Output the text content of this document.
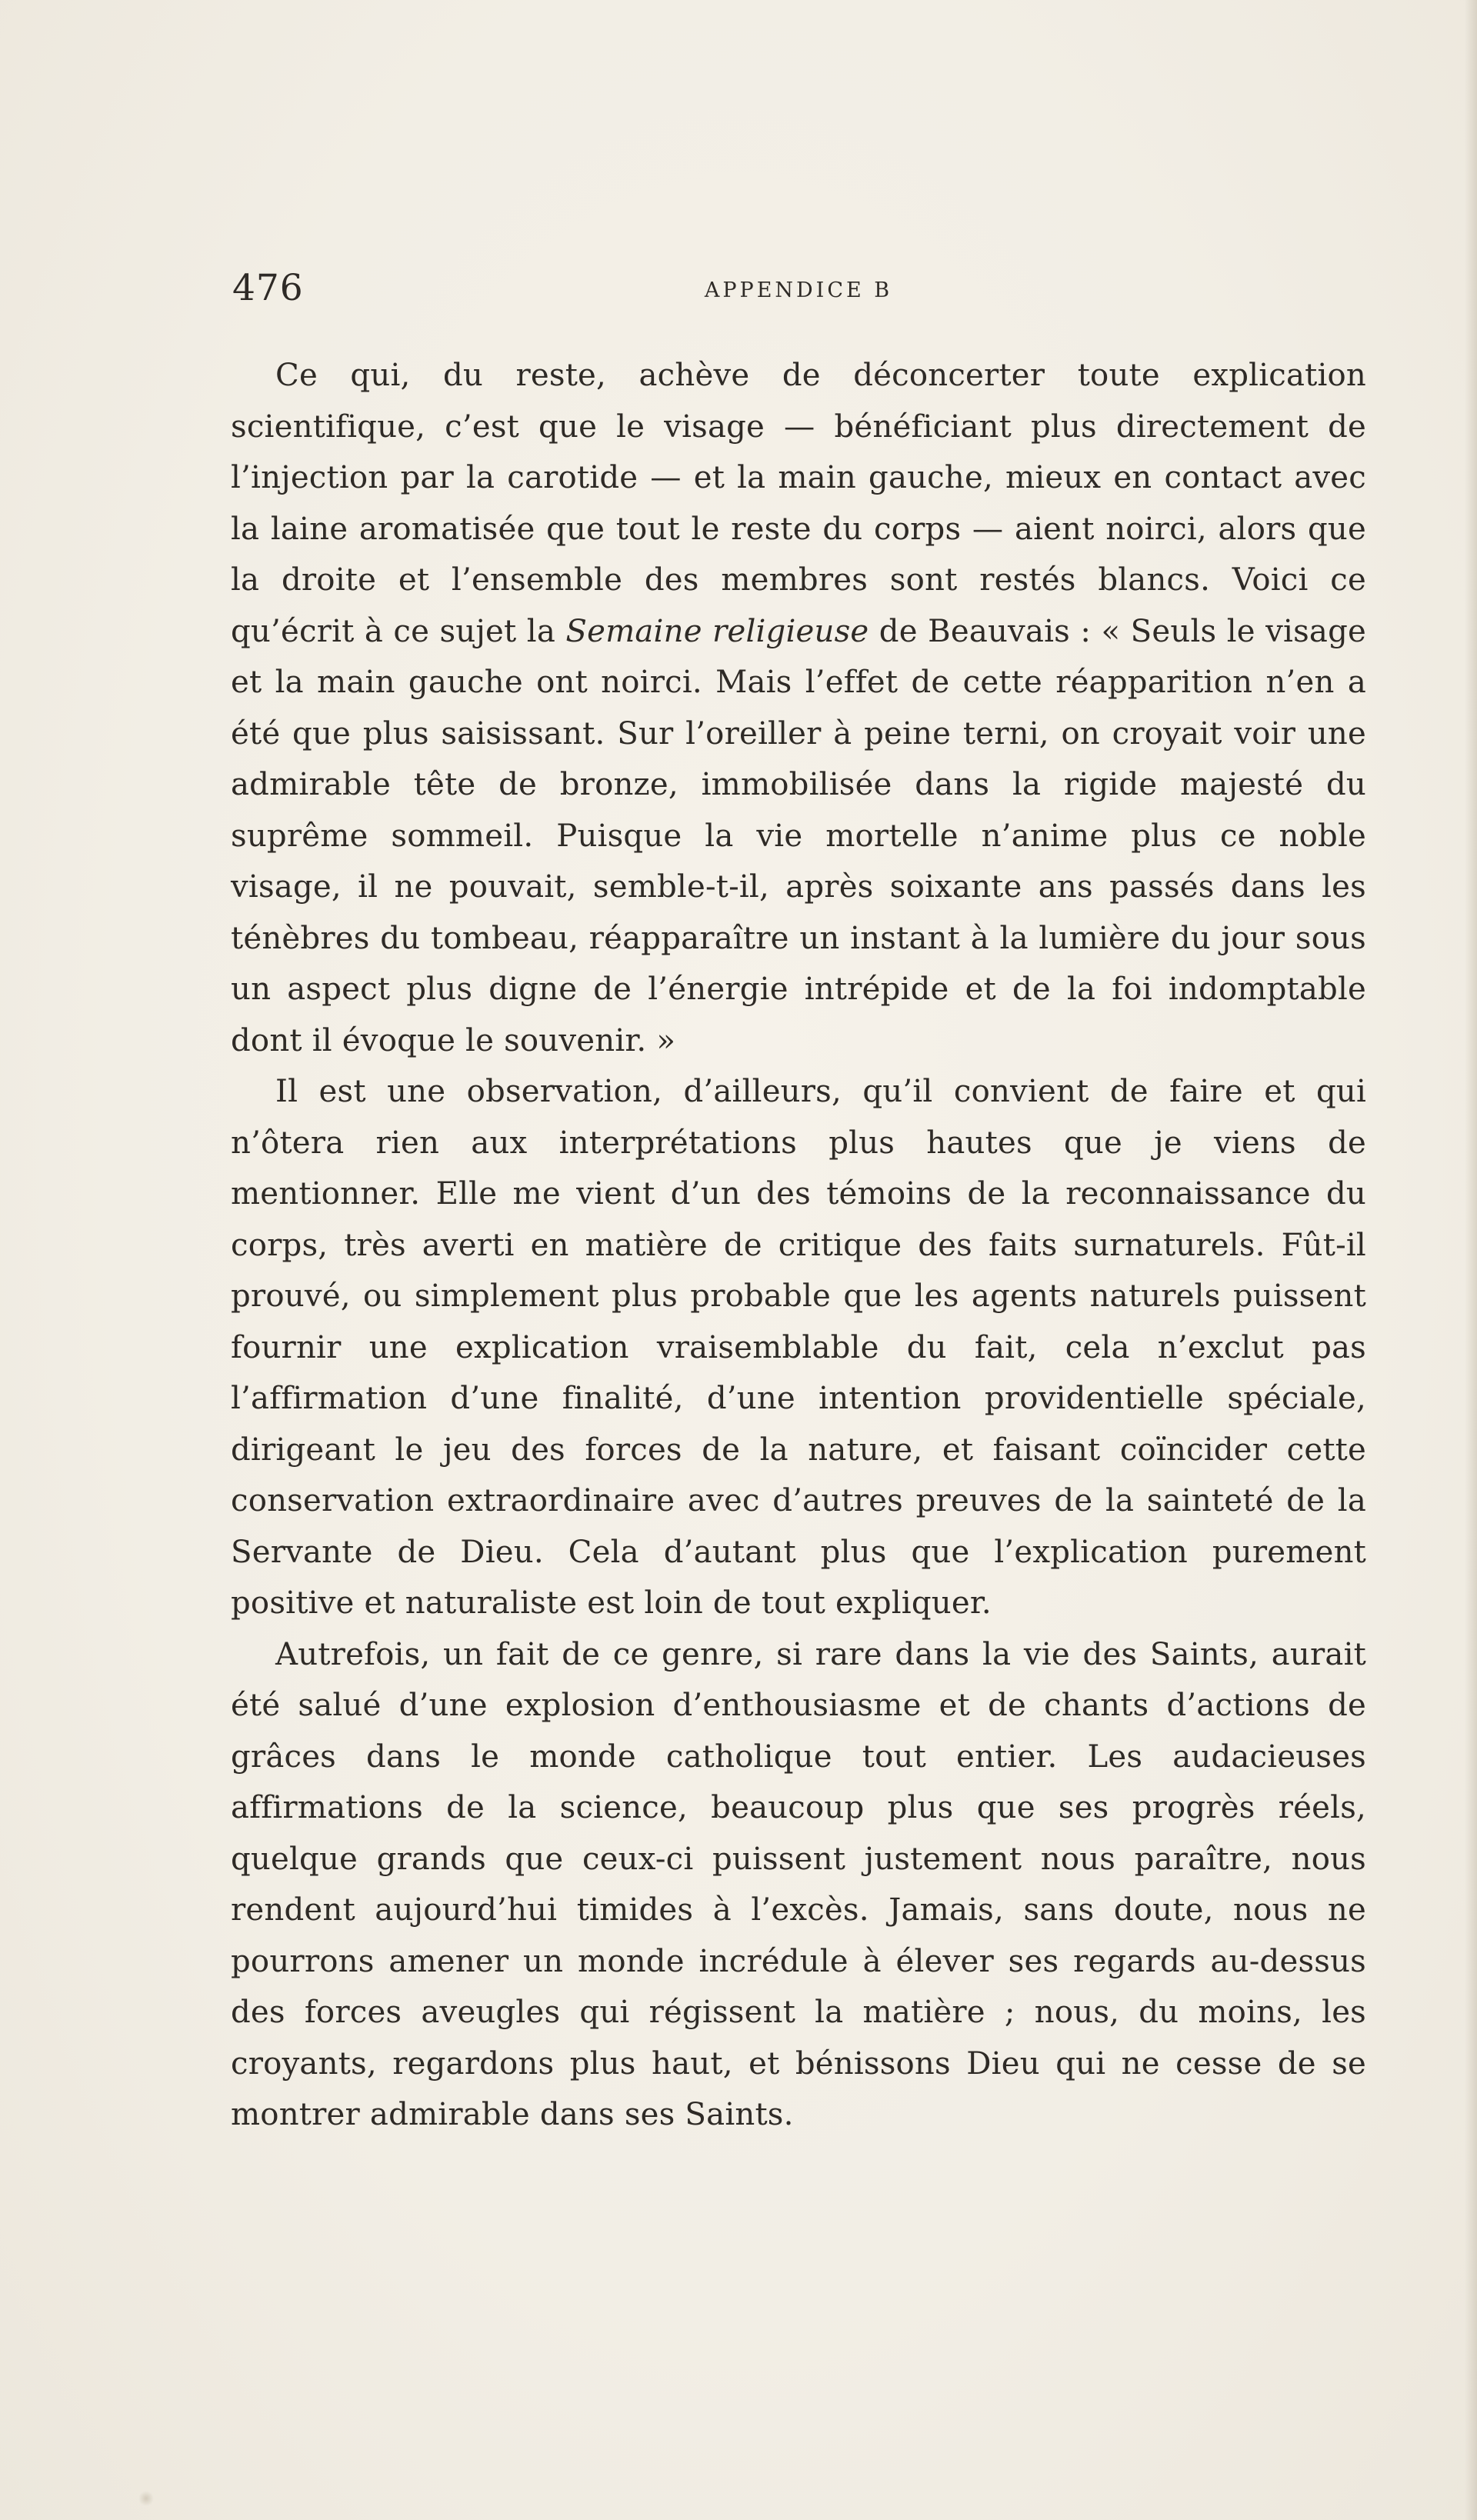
476	APPENDICE B

Ce qui, du reste, achève de déconcerter toute explication scientifique, c’est que le visage — bénéficiant plus directement de l’injection par la carotide — et la main gauche, mieux en contact avec la laine aromatisée que tout le reste du corps — aient noirci, alors que la droite et l’ensemble des membres sont restés blancs. Voici ce qu’écrit à ce sujet la Semaine religieuse de Beauvais : « Seuls le visage et la main gauche ont noirci. Mais l’effet de cette réapparition n’en a été que plus saisissant. Sur l’oreiller à peine terni, on croyait voir une admirable tête de bronze, immobilisée dans la rigide majesté du suprême sommeil. Puisque la vie mortelle n’anime plus ce noble visage, il ne pouvait, semble-t-il, après soixante ans passés dans les ténèbres du tombeau, réapparaître un instant à la lumière du jour sous un aspect plus digne de l’énergie intrépide et de la foi indomptable dont il évoque le souvenir. »

Il est une observation, d’ailleurs, qu’il convient de faire et qui n’ôtera rien aux interprétations plus hautes que je viens de mentionner. Elle me vient d’un des témoins de la reconnaissance du corps, très averti en matière de critique des faits surnaturels. Fût-il prouvé, ou simplement plus probable que les agents naturels puissent fournir une explication vraisemblable du fait, cela n’exclut pas l’affirmation d’une finalité, d’une intention providentielle spéciale, dirigeant le jeu des forces de la nature, et faisant coïncider cette conservation extraordinaire avec d’autres preuves de la sainteté de la Servante de Dieu. Cela d’autant plus que l’explication purement positive et naturaliste est loin de tout expliquer.

Autrefois, un fait de ce genre, si rare dans la vie des Saints, aurait été salué d’une explosion d’enthousiasme et de chants d’actions de grâces dans le monde catholique tout entier. Les audacieuses affirmations de la science, beaucoup plus que ses progrès réels, quelque grands que ceux-ci puissent justement nous paraître, nous rendent aujourd’hui timides à l’excès. Jamais, sans doute, nous ne pourrons amener un monde incrédule à élever ses regards au-dessus des forces aveugles qui régissent la matière ; nous, du moins, les croyants, regardons plus haut, et bénissons Dieu qui ne cesse de se montrer admirable dans ses Saints.
